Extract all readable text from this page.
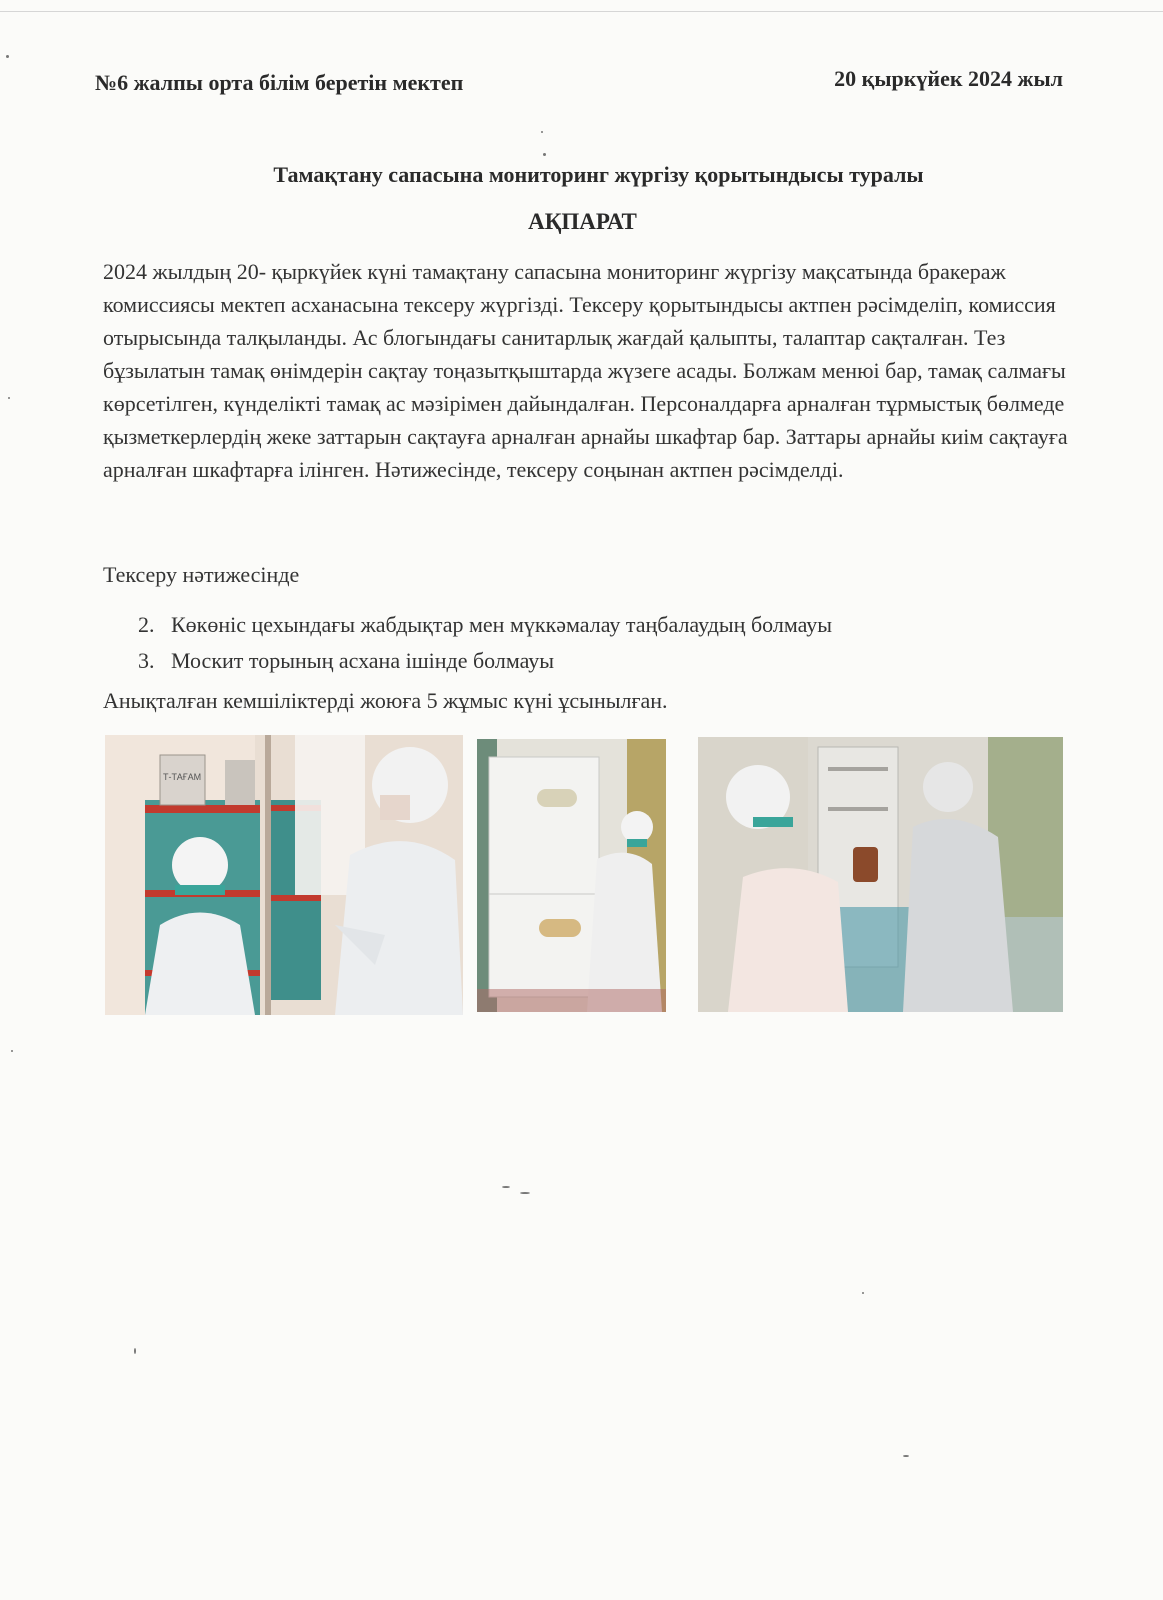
№6 жалпы орта білім беретін мектеп	20 қыркүйек 2024 жыл
Тамақтану сапасына мониторинг жүргізу қорытындысы туралы
АҚПАРАТ

2024 жылдың 20- қыркүйек күні тамақтану сапасына мониторинг жүргізу мақсатында бракераж комиссиясы мектеп асханасына тексеру жүргізді. Тексеру қорытындысы актпен рәсімделіп, комиссия отырысында талқыланды. Ас блогындағы санитарлық жағдай қалыпты, талаптар сақталған. Тез бұзылатын тамақ өнімдерін сақтау тоңазытқыштарда жүзеге асады. Болжам менюі бар, тамақ салмағы көрсетілген, күнделікті тамақ ас мәзірімен дайындалған. Персоналдарға арналған тұрмыстық бөлмеде қызметкерлердің жеке заттарын сақтауға арналған арнайы шкафтар бар. Заттары арнайы киім сақтауға арналған шкафтарға ілінген. Нәтижесінде, тексеру соңынан актпен рәсімделді.

Тексеру нәтижесінде
2. Көкөніс цехындағы жабдықтар мен мүккәмалау таңбалаудың болмауы
3. Москит торының асхана ішінде болмауы
Анықталған кемшіліктерді жоюға 5 жұмыс күні ұсынылған.
Т-ТАҒАМ
